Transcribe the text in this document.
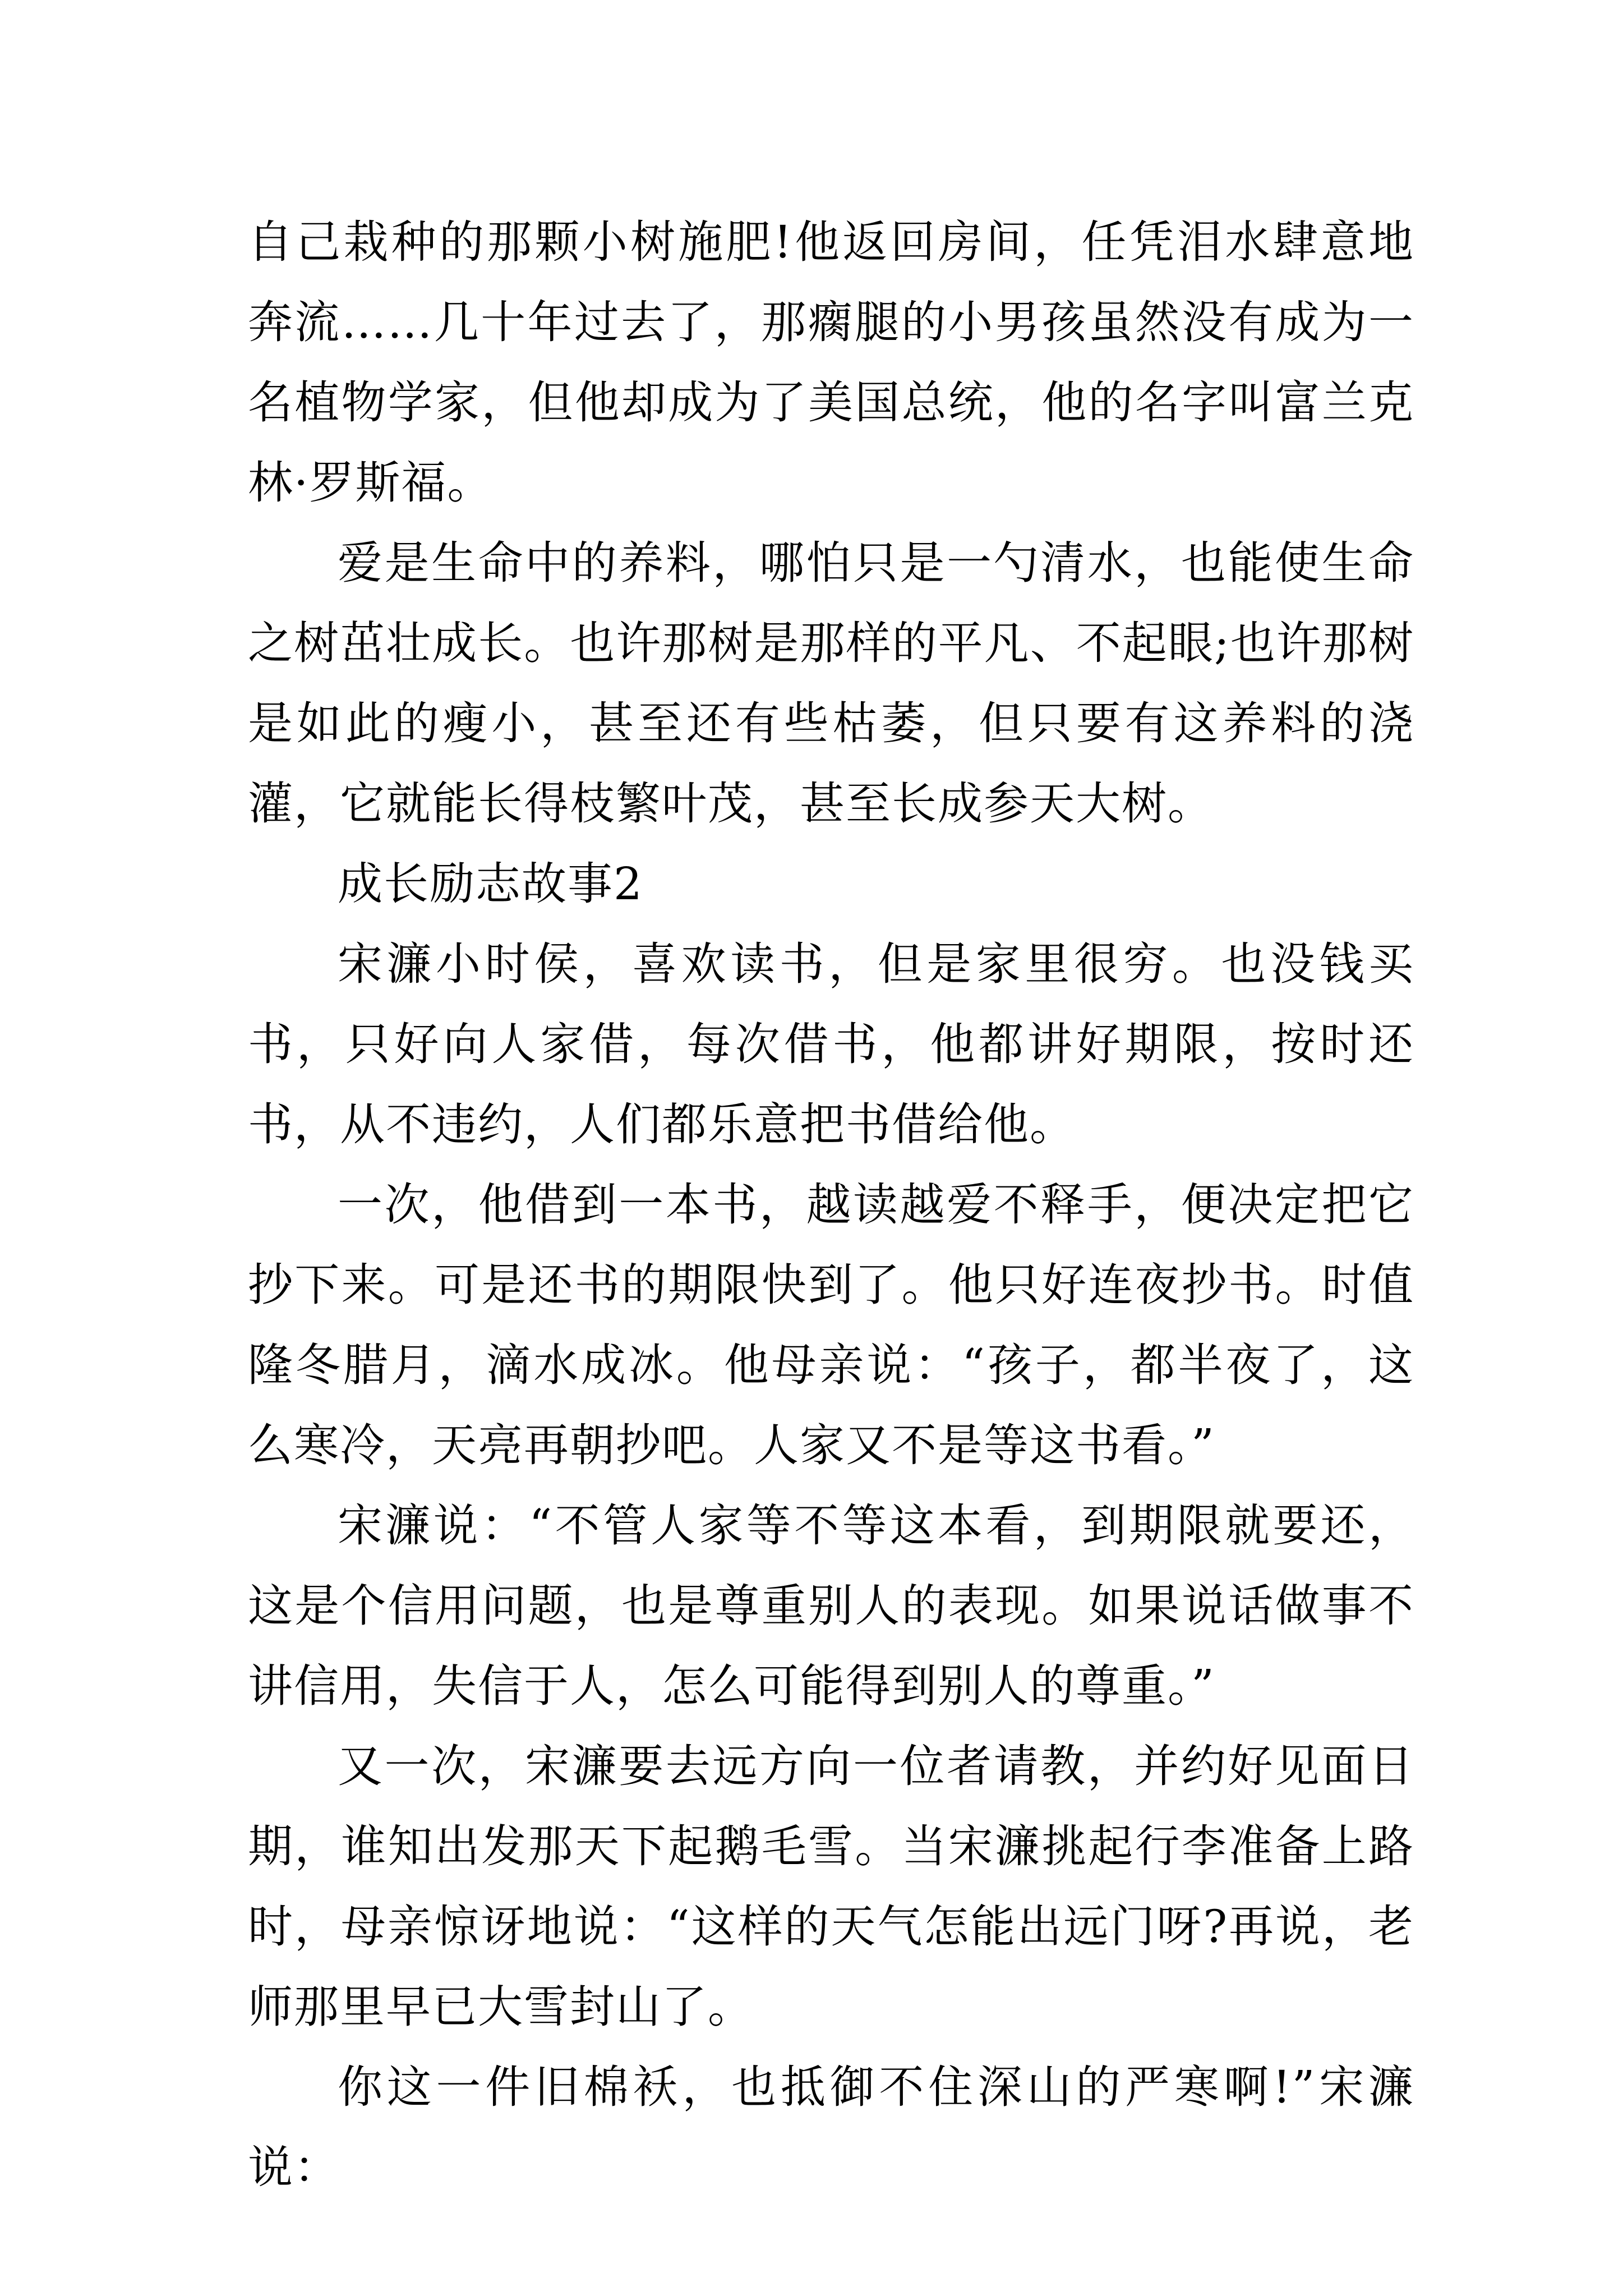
自己栽种的那颗小树施肥!他返回房间，任凭泪水肆意地奔流……几十年过去了，那瘸腿的小男孩虽然没有成为一名植物学家，但他却成为了美国总统，他的名字叫富兰克林·罗斯福。

爱是生命中的养料，哪怕只是一勺清水，也能使生命之树茁壮成长。也许那树是那样的平凡、不起眼;也许那树是如此的瘦小，甚至还有些枯萎，但只要有这养料的浇灌，它就能长得枝繁叶茂，甚至长成参天大树。

成长励志故事2

宋濂小时侯，喜欢读书，但是家里很穷。也没钱买书，只好向人家借，每次借书，他都讲好期限，按时还书，从不违约，人们都乐意把书借给他。

一次，他借到一本书，越读越爱不释手，便决定把它抄下来。可是还书的期限快到了。他只好连夜抄书。时值隆冬腊月，滴水成冰。他母亲说：“孩子，都半夜了，这么寒冷，天亮再朝抄吧。人家又不是等这书看。”

宋濂说：“不管人家等不等这本看，到期限就要还，这是个信用问题，也是尊重别人的表现。如果说话做事不讲信用，失信于人，怎么可能得到别人的尊重。”

又一次，宋濂要去远方向一位者请教，并约好见面日期，谁知出发那天下起鹅毛雪。当宋濂挑起行李准备上路时，母亲惊讶地说：“这样的天气怎能出远门呀?再说，老师那里早已大雪封山了。

你这一件旧棉袄，也抵御不住深山的严寒啊!”宋濂说：
